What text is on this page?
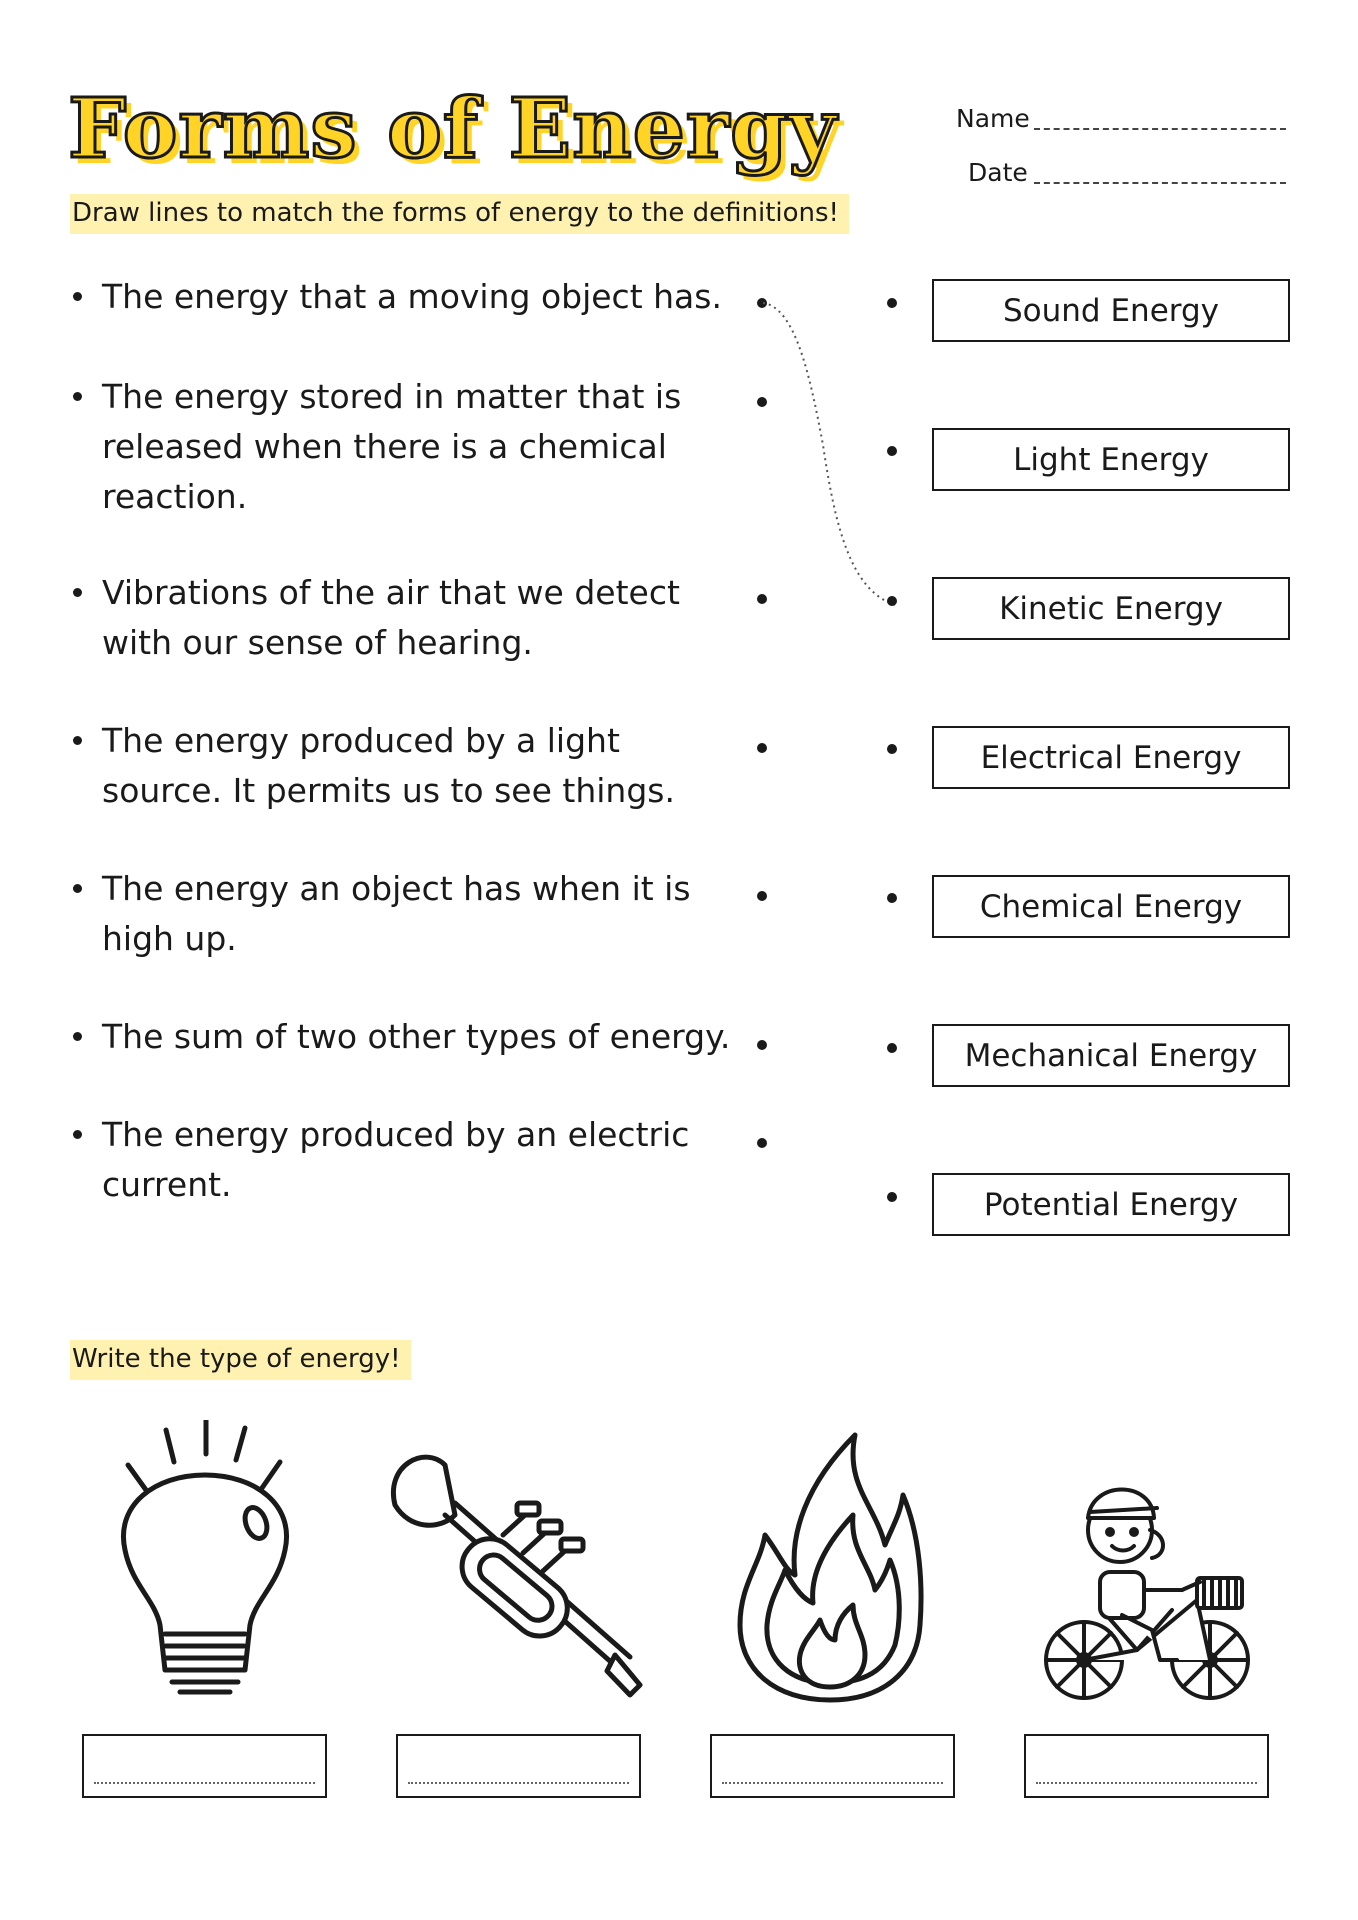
Forms of Energy	Name
Date
Draw lines to match the forms of energy to the definitions!
The energy that a moving object has.
The energy stored in matter that is released when there is a chemical reaction.
Vibrations of the air that we detect with our sense of hearing.
The energy produced by a light source. It permits us to see things.
The energy an object has when it is high up.
The sum of two other types of energy.
The energy produced by an electric current.
Sound Energy
Light Energy
Kinetic Energy
Electrical Energy
Chemical Energy
Mechanical Energy
Potential Energy
Write the type of energy!
